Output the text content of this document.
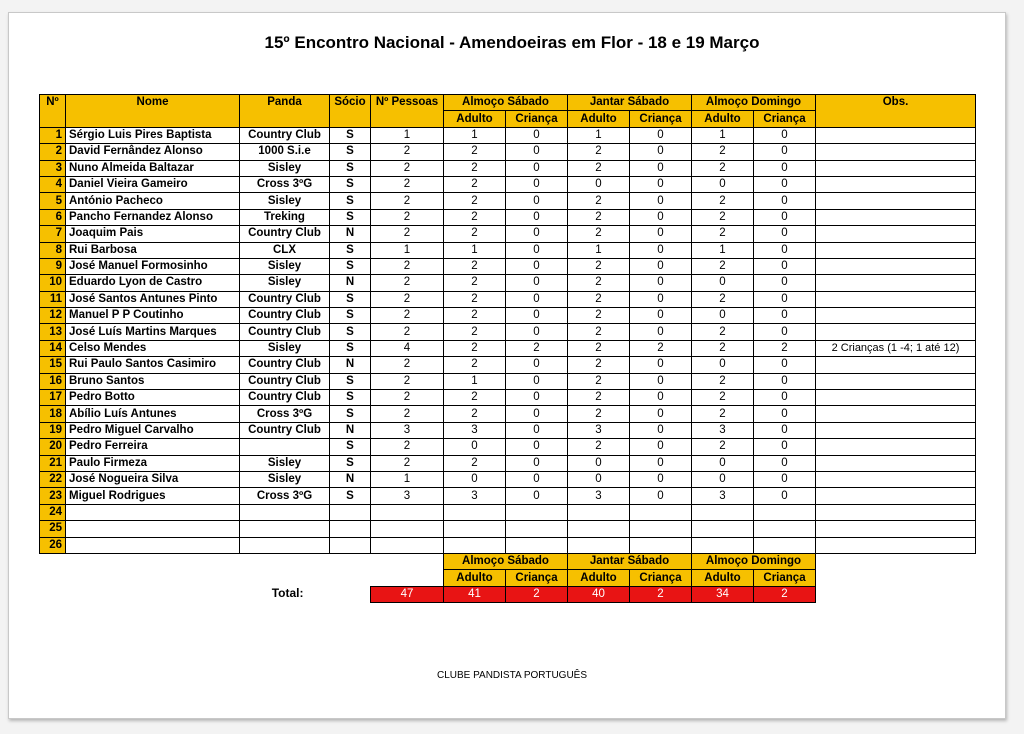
15º Encontro Nacional - Amendoeiras em Flor - 18 e 19 Março
Nº	Nome	Panda	Sócio	Nº Pessoas	Almoço Sábado		Jantar Sábado		Almoço Domingo		Obs.
					Adulto	Criança	Adulto	Criança	Adulto	Criança	
1	Sérgio Luis Pires Baptista	Country Club	S	1	1	0	1	0	1	0	
2	David Fernândez Alonso	1000 S.i.e	S	2	2	0	2	0	2	0	
3	Nuno Almeida Baltazar	Sisley	S	2	2	0	2	0	2	0	
4	Daniel Vieira Gameiro	Cross 3ºG	S	2	2	0	0	0	0	0	
5	António Pacheco	Sisley	S	2	2	0	2	0	2	0	
6	Pancho Fernandez Alonso	Treking	S	2	2	0	2	0	2	0	
7	Joaquim Pais	Country Club	N	2	2	0	2	0	2	0	
8	Rui Barbosa	CLX	S	1	1	0	1	0	1	0	
9	José Manuel Formosinho	Sisley	S	2	2	0	2	0	2	0	
10	Eduardo Lyon de Castro	Sisley	N	2	2	0	2	0	0	0	
11	José Santos Antunes Pinto	Country Club	S	2	2	0	2	0	2	0	
12	Manuel P P Coutinho	Country Club	S	2	2	0	2	0	0	0	
13	José Luís Martins Marques	Country Club	S	2	2	0	2	0	2	0	
14	Celso Mendes	Sisley	S	4	2	2	2	2	2	2	2 Crianças (1 -4; 1 até 12)
15	Rui Paulo Santos Casimiro	Country Club	N	2	2	0	2	0	0	0	
16	Bruno Santos	Country Club	S	2	1	0	2	0	2	0	
17	Pedro Botto	Country Club	S	2	2	0	2	0	2	0	
18	Abílio Luís Antunes	Cross 3ºG	S	2	2	0	2	0	2	0	
19	Pedro Miguel Carvalho	Country Club	N	3	3	0	3	0	3	0	
20	Pedro Ferreira		S	2	0	0	2	0	2	0	
21	Paulo Firmeza	Sisley	S	2	2	0	0	0	0	0	
22	José Nogueira Silva	Sisley	N	1	0	0	0	0	0	0	
23	Miguel Rodrigues	Cross 3ºG	S	3	3	0	3	0	3	0	
24											
25											
26											
					Almoço Sábado		Jantar Sábado		Almoço Domingo		
					Adulto	Criança	Adulto	Criança	Adulto	Criança	
Total:				47	41	2	40	2	34	2	
CLUBE PANDISTA PORTUGUÊS
